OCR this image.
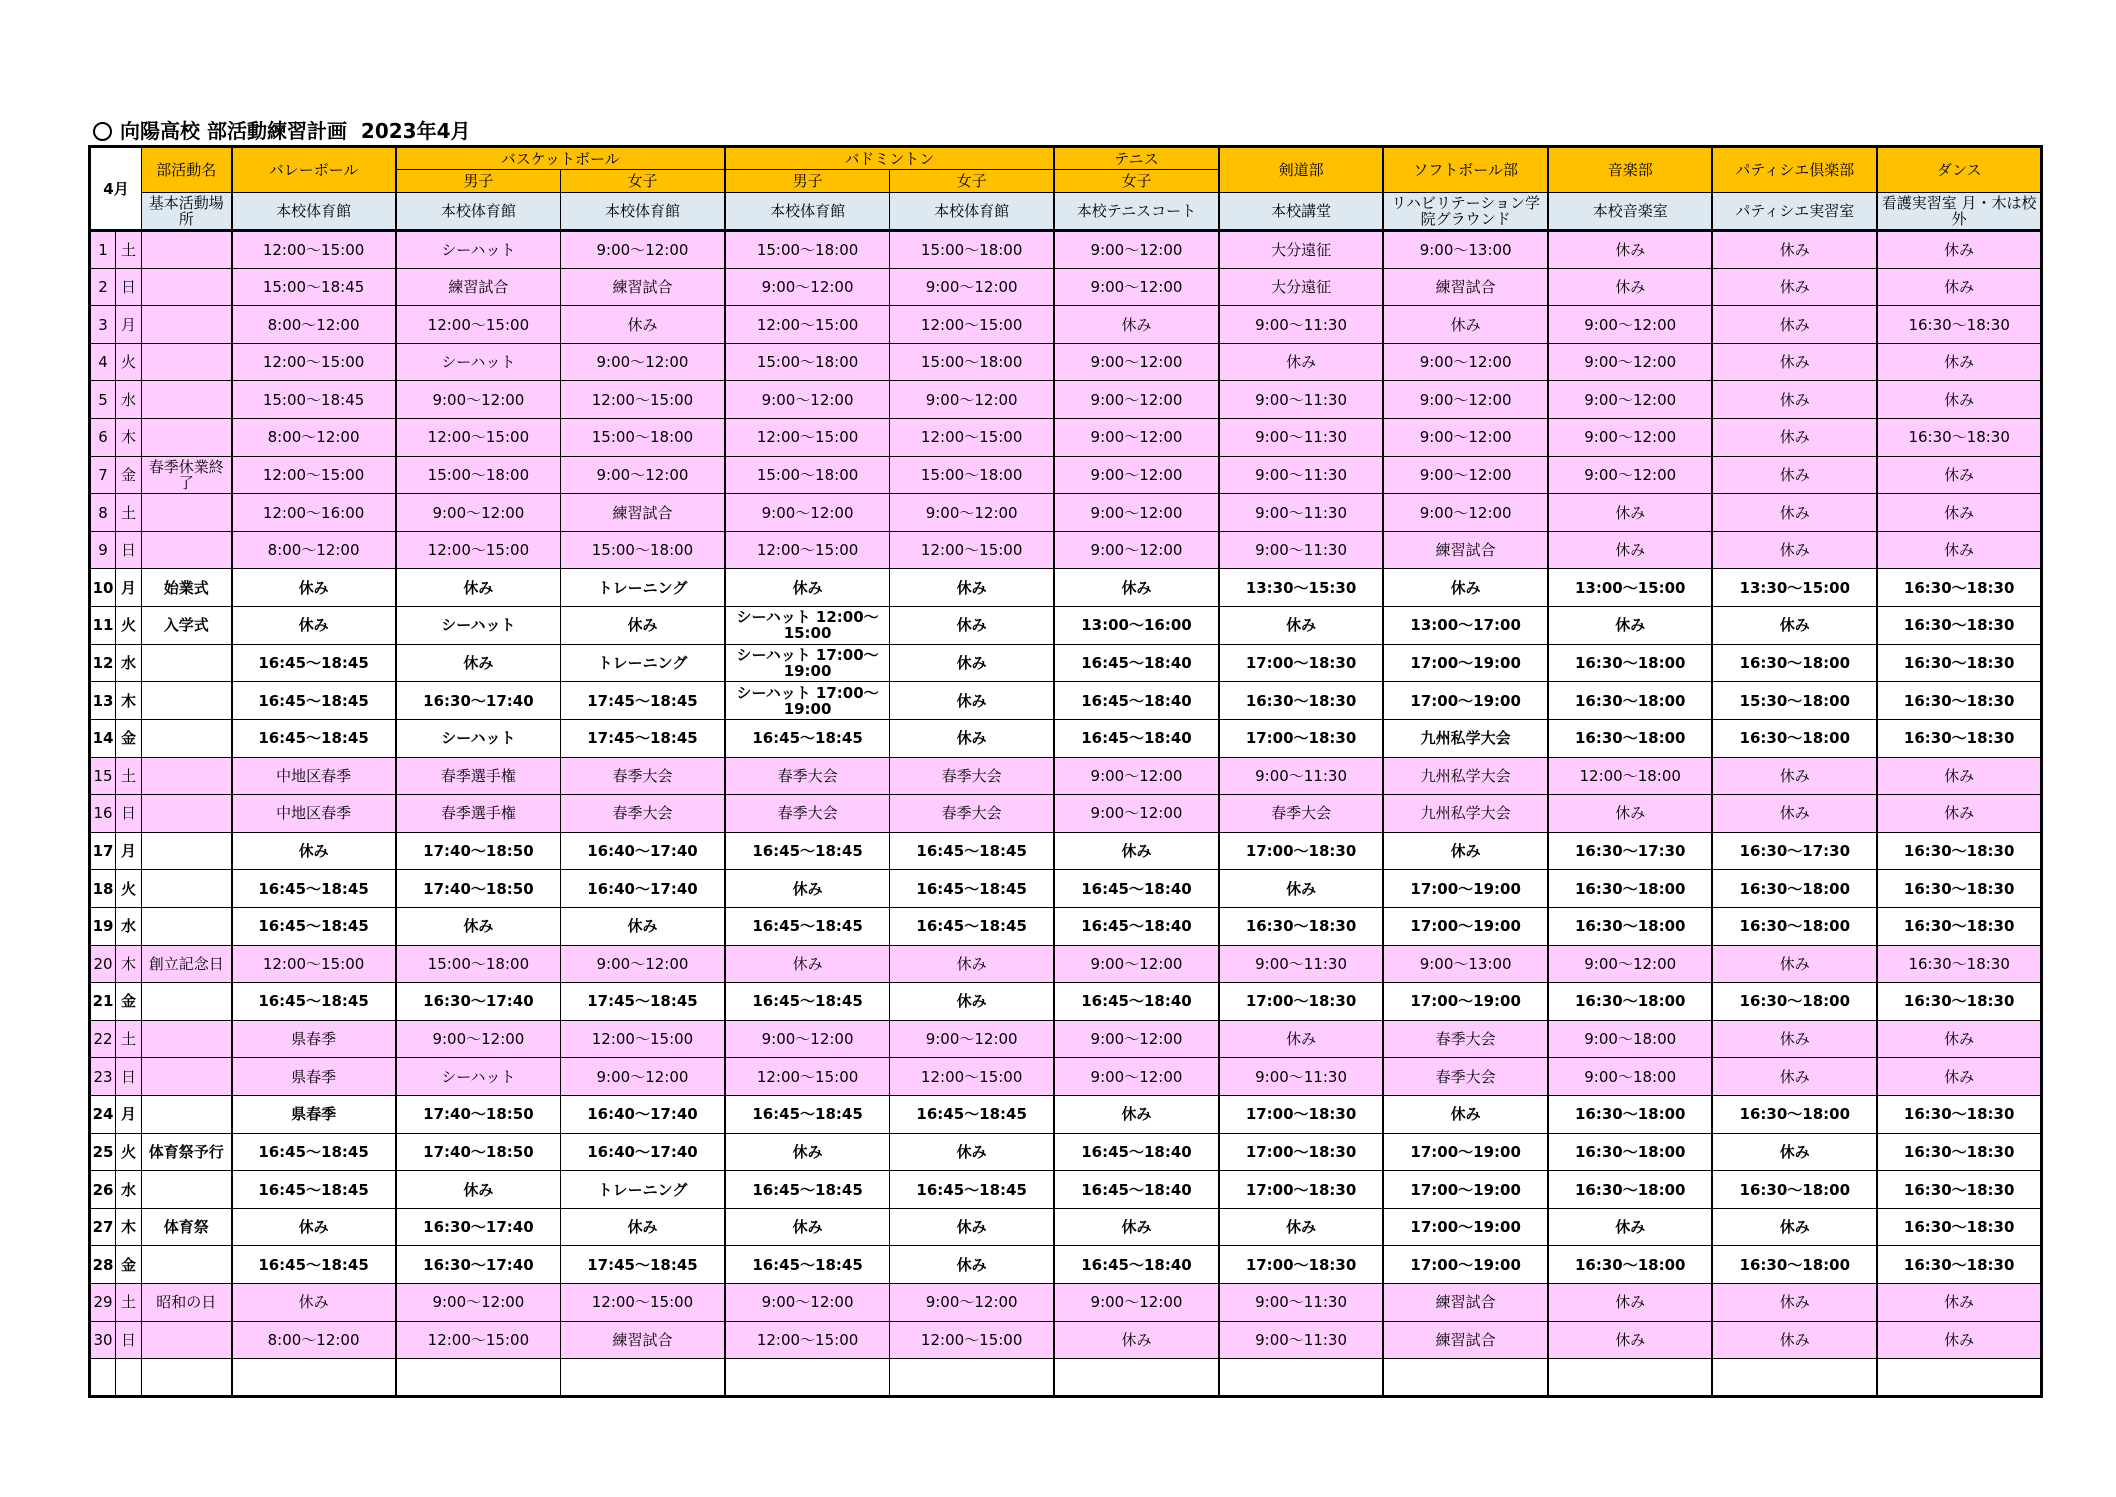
向陽高校 部活動練習計画 2023年4月
4月		部活動名	バレーボール	バスケットボール		バドミントン		テニス	剣道部	ソフトボール部	音楽部	パティシエ倶楽部	ダンス
				男子	女子	男子	女子	女子					
		基本活動場所	本校体育館	本校体育館	本校体育館	本校体育館	本校体育館	本校テニスコート	本校講堂	リハビリテーション学院グラウンド	本校音楽室	パティシエ実習室	看護実習室 月・木は校外
1	土		12:00～15:00	シーハット	9:00～12:00	15:00～18:00	15:00～18:00	9:00～12:00	大分遠征	9:00～13:00	休み	休み	休み
2	日		15:00～18:45	練習試合	練習試合	9:00～12:00	9:00～12:00	9:00～12:00	大分遠征	練習試合	休み	休み	休み
3	月		8:00～12:00	12:00～15:00	休み	12:00～15:00	12:00～15:00	休み	9:00～11:30	休み	9:00～12:00	休み	16:30～18:30
4	火		12:00～15:00	シーハット	9:00～12:00	15:00～18:00	15:00～18:00	9:00～12:00	休み	9:00～12:00	9:00～12:00	休み	休み
5	水		15:00～18:45	9:00～12:00	12:00～15:00	9:00～12:00	9:00～12:00	9:00～12:00	9:00～11:30	9:00～12:00	9:00～12:00	休み	休み
6	木		8:00～12:00	12:00～15:00	15:00～18:00	12:00～15:00	12:00～15:00	9:00～12:00	9:00～11:30	9:00～12:00	9:00～12:00	休み	16:30～18:30
7	金	春季休業終了	12:00～15:00	15:00～18:00	9:00～12:00	15:00～18:00	15:00～18:00	9:00～12:00	9:00～11:30	9:00～12:00	9:00～12:00	休み	休み
8	土		12:00～16:00	9:00～12:00	練習試合	9:00～12:00	9:00～12:00	9:00～12:00	9:00～11:30	9:00～12:00	休み	休み	休み
9	日		8:00～12:00	12:00～15:00	15:00～18:00	12:00～15:00	12:00～15:00	9:00～12:00	9:00～11:30	練習試合	休み	休み	休み
10	月	始業式	休み	休み	トレーニング	休み	休み	休み	13:30～15:30	休み	13:00～15:00	13:30～15:00	16:30～18:30
11	火	入学式	休み	シーハット	休み	シーハット 12:00～15:00	休み	13:00～16:00	休み	13:00～17:00	休み	休み	16:30～18:30
12	水		16:45～18:45	休み	トレーニング	シーハット 17:00～19:00	休み	16:45～18:40	17:00～18:30	17:00～19:00	16:30～18:00	16:30～18:00	16:30～18:30
13	木		16:45～18:45	16:30～17:40	17:45～18:45	シーハット 17:00～19:00	休み	16:45～18:40	16:30～18:30	17:00～19:00	16:30～18:00	15:30～18:00	16:30～18:30
14	金		16:45～18:45	シーハット	17:45～18:45	16:45～18:45	休み	16:45～18:40	17:00～18:30	九州私学大会	16:30～18:00	16:30～18:00	16:30～18:30
15	土		中地区春季	春季選手権	春季大会	春季大会	春季大会	9:00～12:00	9:00～11:30	九州私学大会	12:00～18:00	休み	休み
16	日		中地区春季	春季選手権	春季大会	春季大会	春季大会	9:00～12:00	春季大会	九州私学大会	休み	休み	休み
17	月		休み	17:40～18:50	16:40～17:40	16:45～18:45	16:45～18:45	休み	17:00～18:30	休み	16:30～17:30	16:30～17:30	16:30～18:30
18	火		16:45～18:45	17:40～18:50	16:40～17:40	休み	16:45～18:45	16:45～18:40	休み	17:00～19:00	16:30～18:00	16:30～18:00	16:30～18:30
19	水		16:45～18:45	休み	休み	16:45～18:45	16:45～18:45	16:45～18:40	16:30～18:30	17:00～19:00	16:30～18:00	16:30～18:00	16:30～18:30
20	木	創立記念日	12:00～15:00	15:00～18:00	9:00～12:00	休み	休み	9:00～12:00	9:00～11:30	9:00～13:00	9:00～12:00	休み	16:30～18:30
21	金		16:45～18:45	16:30～17:40	17:45～18:45	16:45～18:45	休み	16:45～18:40	17:00～18:30	17:00～19:00	16:30～18:00	16:30～18:00	16:30～18:30
22	土		県春季	9:00～12:00	12:00～15:00	9:00～12:00	9:00～12:00	9:00～12:00	休み	春季大会	9:00～18:00	休み	休み
23	日		県春季	シーハット	9:00～12:00	12:00～15:00	12:00～15:00	9:00～12:00	9:00～11:30	春季大会	9:00～18:00	休み	休み
24	月		県春季	17:40～18:50	16:40～17:40	16:45～18:45	16:45～18:45	休み	17:00～18:30	休み	16:30～18:00	16:30～18:00	16:30～18:30
25	火	体育祭予行	16:45～18:45	17:40～18:50	16:40～17:40	休み	休み	16:45～18:40	17:00～18:30	17:00～19:00	16:30～18:00	休み	16:30～18:30
26	水		16:45～18:45	休み	トレーニング	16:45～18:45	16:45～18:45	16:45～18:40	17:00～18:30	17:00～19:00	16:30～18:00	16:30～18:00	16:30～18:30
27	木	体育祭	休み	16:30～17:40	休み	休み	休み	休み	休み	17:00～19:00	休み	休み	16:30～18:30
28	金		16:45～18:45	16:30～17:40	17:45～18:45	16:45～18:45	休み	16:45～18:40	17:00～18:30	17:00～19:00	16:30～18:00	16:30～18:00	16:30～18:30
29	土	昭和の日	休み	9:00～12:00	12:00～15:00	9:00～12:00	9:00～12:00	9:00～12:00	9:00～11:30	練習試合	休み	休み	休み
30	日		8:00～12:00	12:00～15:00	練習試合	12:00～15:00	12:00～15:00	休み	9:00～11:30	練習試合	休み	休み	休み
